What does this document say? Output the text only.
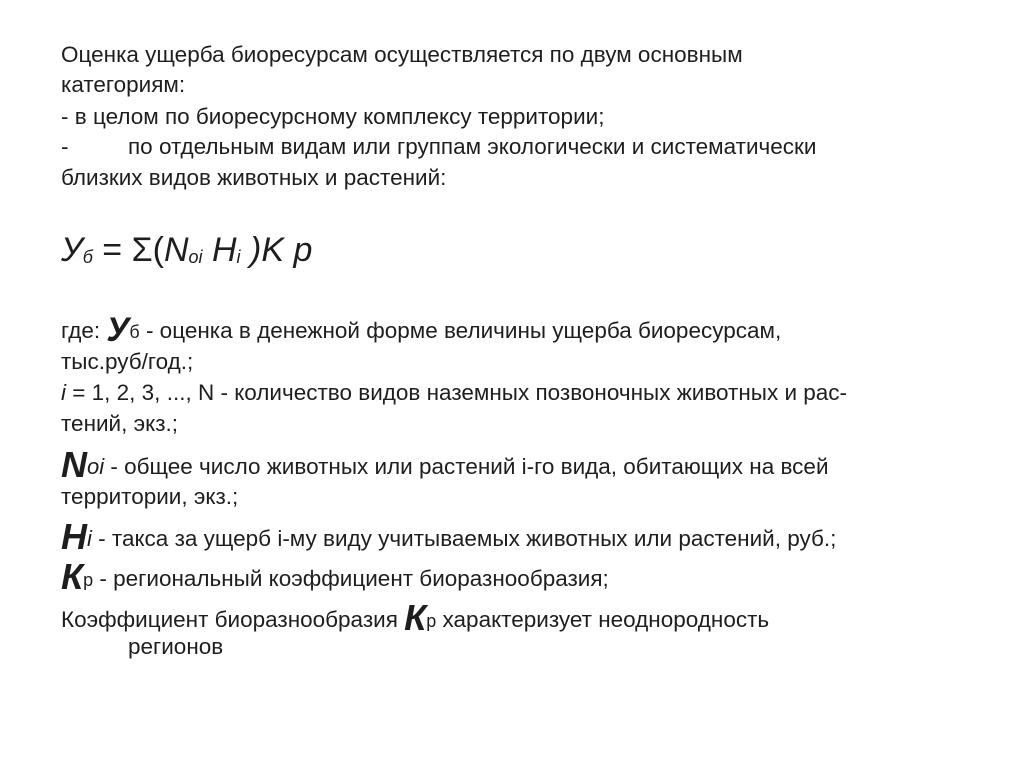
Оценка ущерба биоресурсам осуществляется по двум основным
категориям:
- в целом по биоресурсному комплексу территории;
-	по отдельным видам или группам экологически и систематически
близких видов животных и растений:
Уб = Σ(Noi Hi )K p
где: Уб - оценка в денежной форме величины ущерба биоресурсам,
тыс.руб/год.;
i = 1, 2, 3, ..., N - количество видов наземных позвоночных животных и рас-
тений, экз.;
Noi - общее число животных или растений i-го вида, обитающих на всей
территории, экз.;
Hi - такса за ущерб i-му виду учитываемых животных или растений, руб.;
Кр - региональный коэффициент биоразнообразия;
Коэффициент биоразнообразия Кр характеризует неоднородность
регионов
